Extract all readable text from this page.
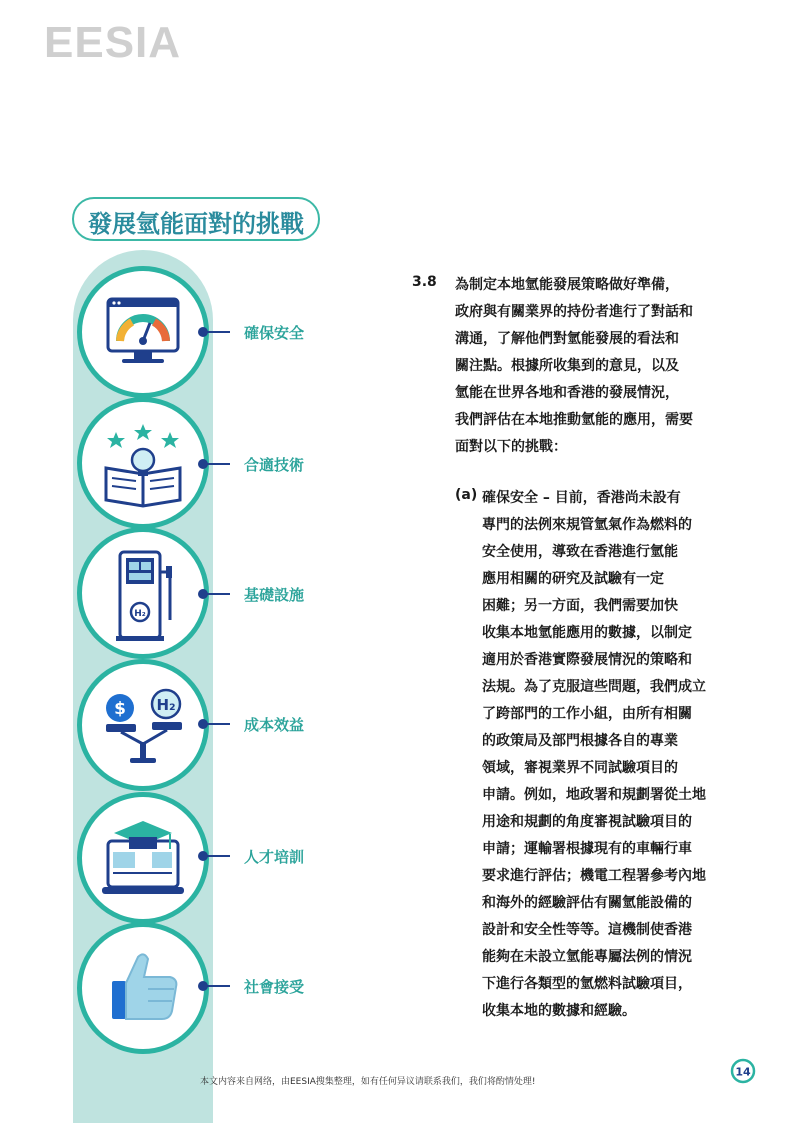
EESIA
發展氫能面對的挑戰
確保安全
合適技術
H₂
基礎設施
$ H₂
成本效益
人才培訓
社會接受
3.8 為制定本地氫能發展策略做好準備，
政府與有關業界的持份者進行了對話和
溝通，了解他們對氫能發展的看法和
關注點。根據所收集到的意見，以及
氫能在世界各地和香港的發展情況，
我們評估在本地推動氫能的應用，需要
面對以下的挑戰：
(a) 確保安全 – 目前，香港尚未設有
專門的法例來規管氫氣作為燃料的
安全使用，導致在香港進行氫能
應用相關的研究及試驗有一定
困難；另一方面，我們需要加快
收集本地氫能應用的數據，以制定
適用於香港實際發展情況的策略和
法規。為了克服這些問題，我們成立
了跨部門的工作小組，由所有相關
的政策局及部門根據各自的專業
領域，審視業界不同試驗項目的
申請。例如，地政署和規劃署從土地
用途和規劃的角度審視試驗項目的
申請；運輸署根據現有的車輛行車
要求進行評估；機電工程署參考內地
和海外的經驗評估有關氫能設備的
設計和安全性等等。這機制使香港
能夠在未設立氫能專屬法例的情況
下進行各類型的氫燃料試驗項目，
收集本地的數據和經驗。
本文内容来自网络，由EESIA搜集整理，如有任何异议请联系我们，我们将酌情处理!
14
